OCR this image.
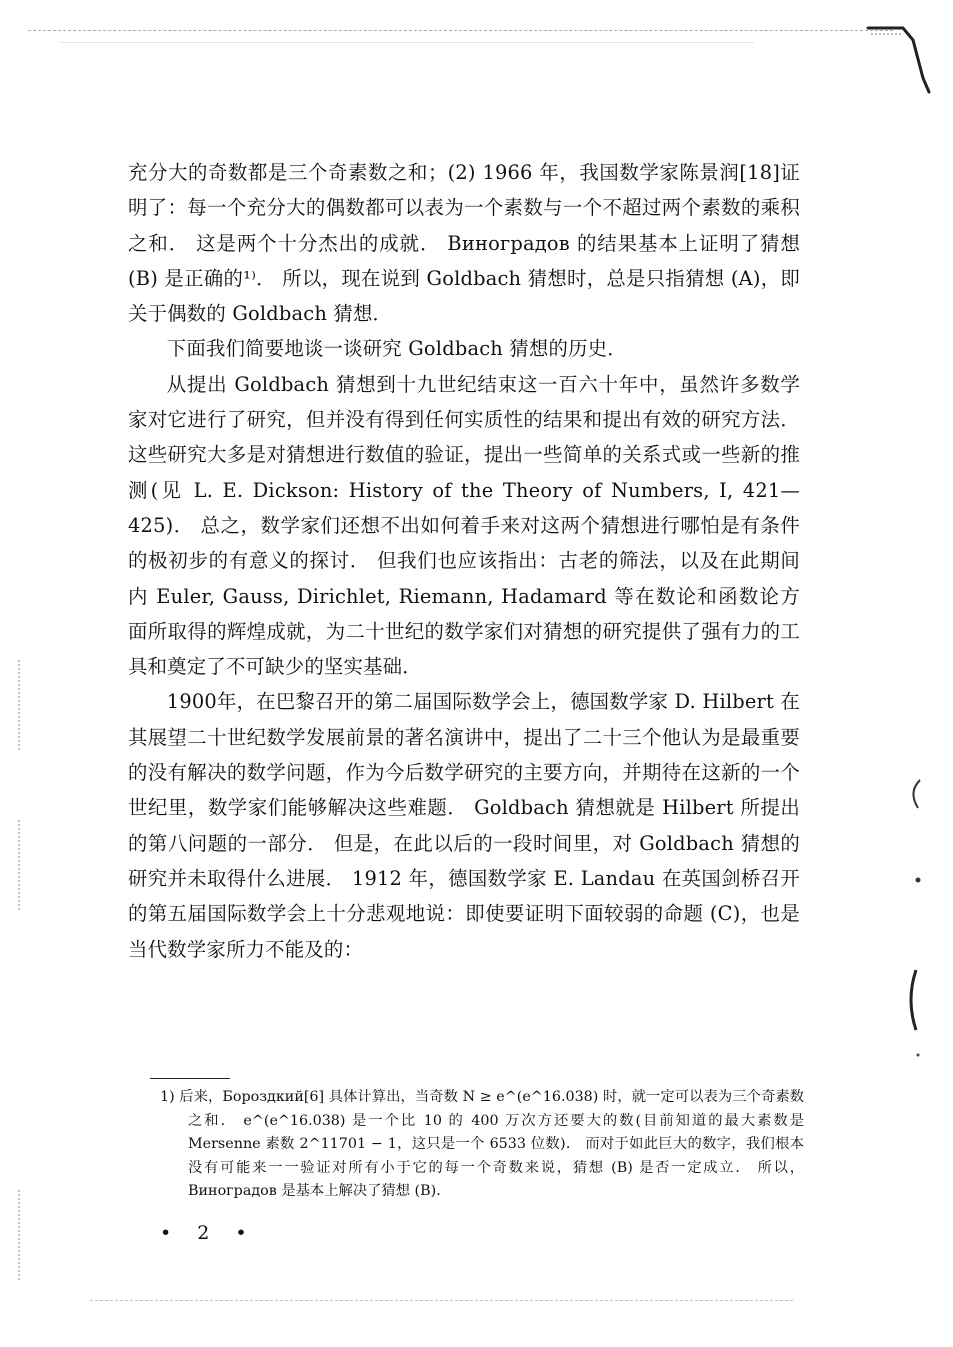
充分大的奇数都是三个奇素数之和；(2) 1966 年，我国数学家陈景润[18]证明了：每一个充分大的偶数都可以表为一个素数与一个不超过两个素数的乘积之和． 这是两个十分杰出的成就． Виноградов 的结果基本上证明了猜想 (B) 是正确的¹⁾． 所以，现在说到 Goldbach 猜想时，总是只指猜想 (A)，即关于偶数的 Goldbach 猜想．

下面我们简要地谈一谈研究 Goldbach 猜想的历史．

从提出 Goldbach 猜想到十九世纪结束这一百六十年中，虽然许多数学家对它进行了研究，但并没有得到任何实质性的结果和提出有效的研究方法． 这些研究大多是对猜想进行数值的验证，提出一些简单的关系式或一些新的推测(见 L. E. Dickson: History of the Theory of Numbers, I, 421—425)． 总之，数学家们还想不出如何着手来对这两个猜想进行哪怕是有条件的极初步的有意义的探讨． 但我们也应该指出：古老的筛法，以及在此期间内 Euler, Gauss, Dirichlet, Riemann, Hadamard 等在数论和函数论方面所取得的辉煌成就，为二十世纪的数学家们对猜想的研究提供了强有力的工具和奠定了不可缺少的坚实基础．

1900年，在巴黎召开的第二届国际数学会上，德国数学家 D. Hilbert 在其展望二十世纪数学发展前景的著名演讲中，提出了二十三个他认为是最重要的没有解决的数学问题，作为今后数学研究的主要方向，并期待在这新的一个世纪里，数学家们能够解决这些难题． Goldbach 猜想就是 Hilbert 所提出的第八问题的一部分． 但是，在此以后的一段时间里，对 Goldbach 猜想的研究并未取得什么进展． 1912 年，德国数学家 E. Landau 在英国剑桥召开的第五届国际数学会上十分悲观地说：即使要证明下面较弱的命题 (C)，也是当代数学家所力不能及的：

1) 后来，Бороздкий[6] 具体计算出，当奇数 N ≥ e^(e^16.038) 时，就一定可以表为三个奇素数之和． e^(e^16.038) 是一个比 10 的 400 万次方还要大的数(目前知道的最大素数是 Mersenne 素数 2^11701 − 1，这只是一个 6533 位数)． 而对于如此巨大的数字，我们根本没有可能来一一验证对所有小于它的每一个奇数来说，猜想 (B) 是否一定成立． 所以，Виноградов 是基本上解决了猜想 (B)．

• 2 •
